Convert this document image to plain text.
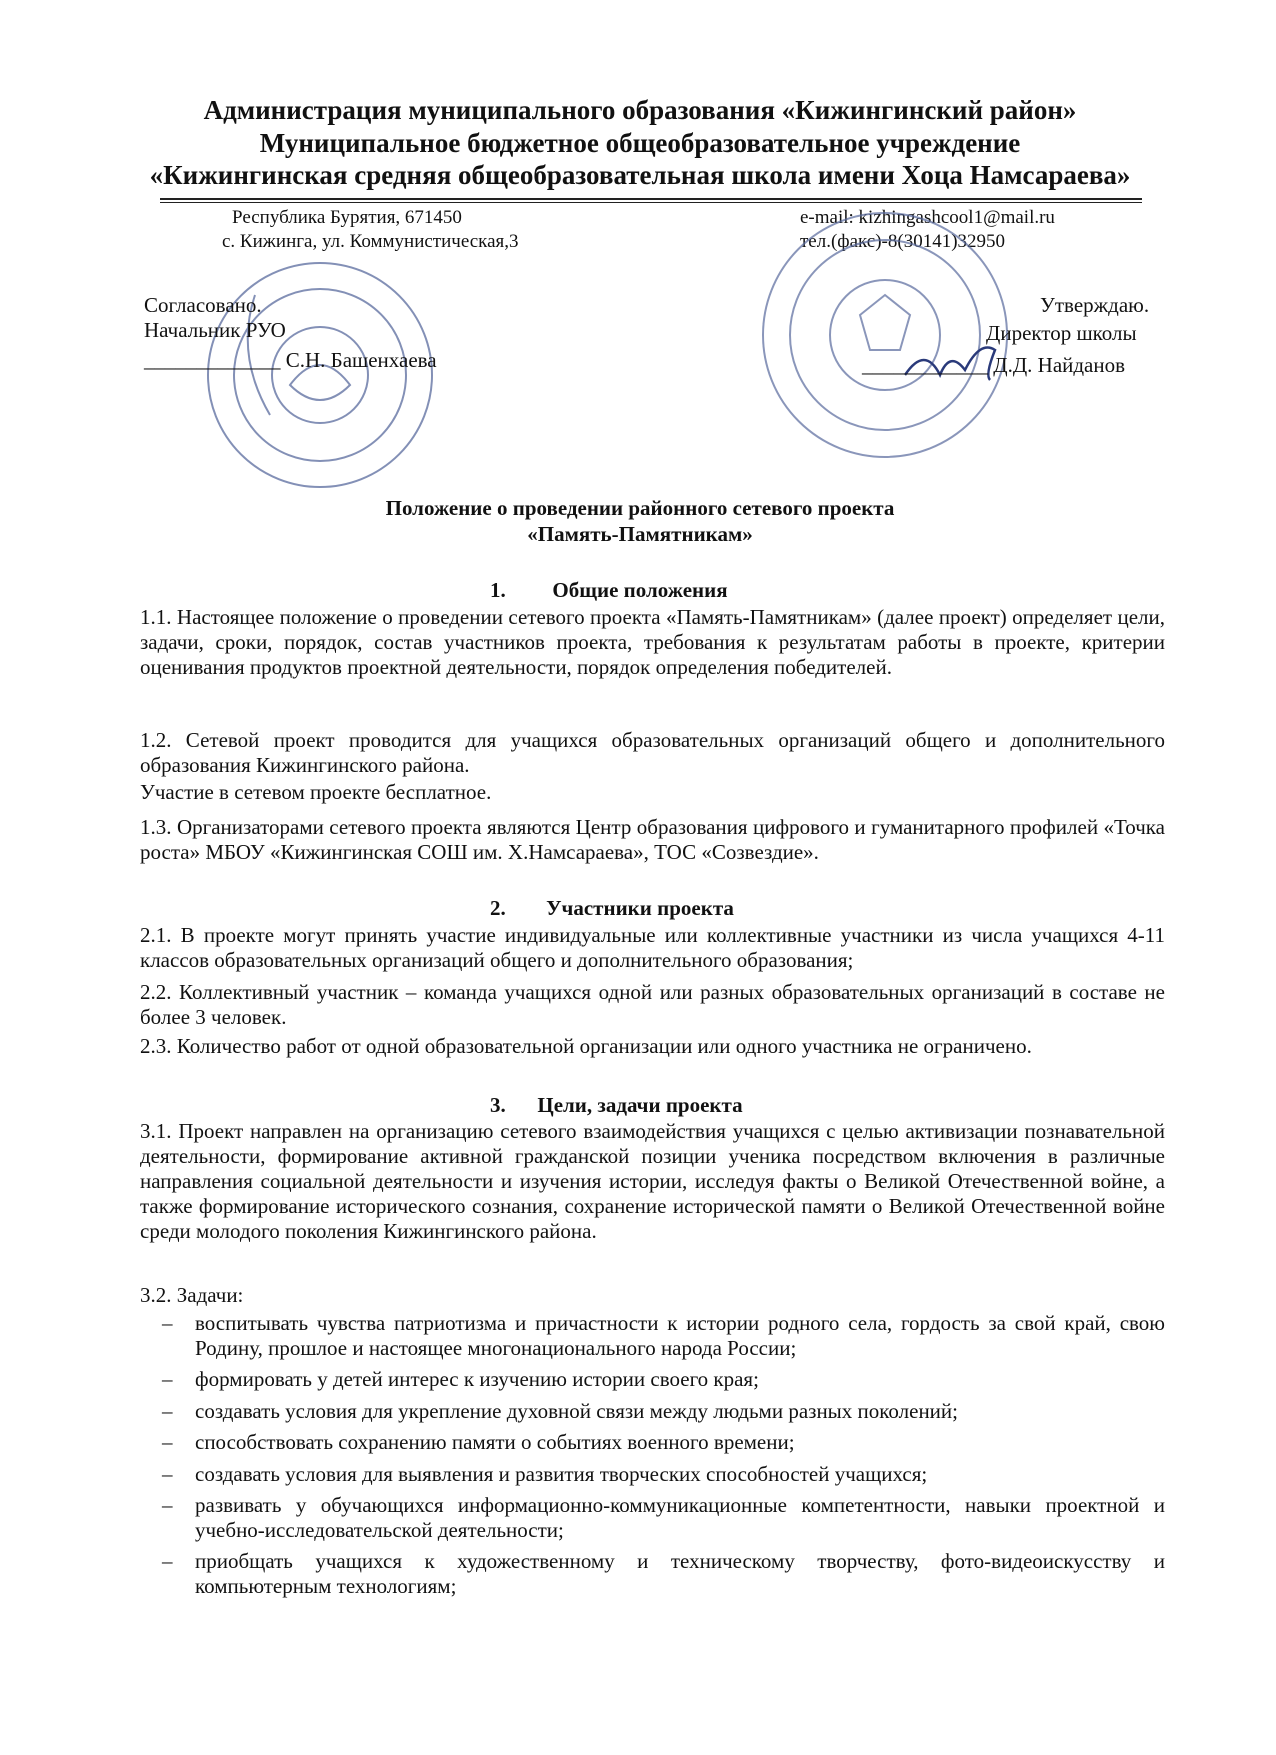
Администрация муниципального образования «Кижингинский район»
Муниципальное бюджетное общеобразовательное учреждение
«Кижингинская средняя общеобразовательная школа имени Хоца Намсараева»
Республика Бурятия, 671450
с. Кижинга, ул. Коммунистическая,3
e-mail: kizhingashcool1@mail.ru
тел.(факс)-8(30141)32950
Согласовано.
Начальник РУО
_____________ С.Н. Башенхаева
Утверждаю.
Директор школы
____________ Д.Д. Найданов
Положение о проведении районного сетевого проекта
«Память-Памятникам»
1. Общие положения
1.1. Настоящее положение о проведении сетевого проекта «Память-Памятникам» (далее проект) определяет цели, задачи, сроки, порядок, состав участников проекта, требования к результатам работы в проекте, критерии оценивания продуктов проектной деятельности, порядок определения победителей.
1.2. Сетевой проект проводится для учащихся образовательных организаций общего и дополнительного образования Кижингинского района.
Участие в сетевом проекте бесплатное.
1.3. Организаторами сетевого проекта являются Центр образования цифрового и гуманитарного профилей «Точка роста» МБОУ «Кижингинская СОШ им. Х.Намсараева», ТОС «Созвездие».
2. Участники проекта
2.1. В проекте могут принять участие индивидуальные или коллективные участники из числа учащихся 4-11 классов образовательных организаций общего и дополнительного образования;
2.2. Коллективный участник – команда учащихся одной или разных образовательных организаций в составе не более 3 человек.
2.3. Количество работ от одной образовательной организации или одного участника не ограничено.
3. Цели, задачи проекта
3.1. Проект направлен на организацию сетевого взаимодействия учащихся с целью активизации познавательной деятельности, формирование активной гражданской позиции ученика посредством включения в различные направления социальной деятельности и изучения истории, исследуя факты о Великой Отечественной войне, а также формирование исторического сознания, сохранение исторической памяти о Великой Отечественной войне среди молодого поколения Кижингинского района.
3.2. Задачи:
– воспитывать чувства патриотизма и причастности к истории родного села, гордость за свой край, свою Родину, прошлое и настоящее многонационального народа России;
– формировать у детей интерес к изучению истории своего края;
– создавать условия для укрепление духовной связи между людьми разных поколений;
– способствовать сохранению памяти о событиях военного времени;
– создавать условия для выявления и развития творческих способностей учащихся;
– развивать у обучающихся информационно-коммуникационные компетентности, навыки проектной и учебно-исследовательской деятельности;
– приобщать учащихся к художественному и техническому творчеству, фото-видеоискусству и компьютерным технологиям;
